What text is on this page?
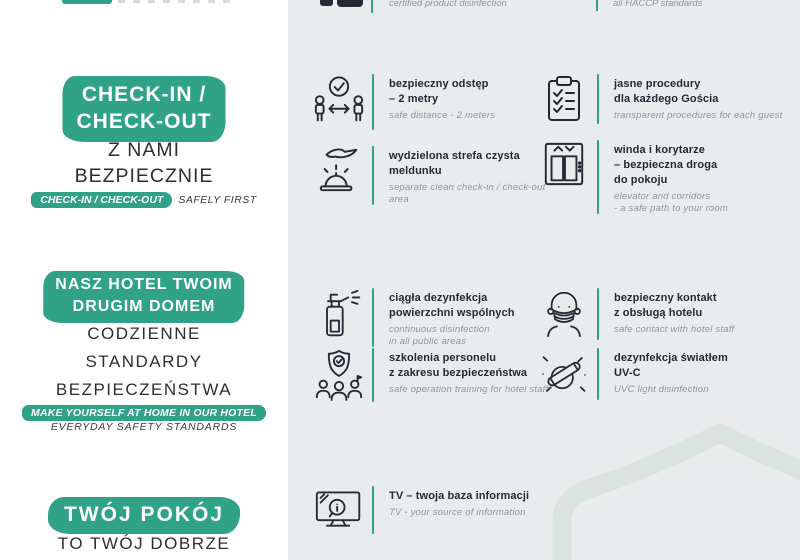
CHECK-IN /
CHECK-OUT
Z NAMI
BEZPIECZNIE
CHECK-IN / CHECK-OUT	SAFELY FIRST
NASZ HOTEL TWOIM
DRUGIM DOMEM
CODZIENNE
STANDARDY
BEZPIECZEŃSTWA
MAKE YOURSELF AT HOME IN OUR HOTEL
EVERYDAY SAFETY STANDARDS
TWÓJ POKÓJ
TO TWÓJ DOBRZE
certified product disinfection	all HACCP standards
bezpieczny odstęp
– 2 metry
safe distance - 2 meters
jasne procedury
dla każdego Gościa
transparent procedures for each guest
wydzielona strefa czysta
meldunku
separate clean check-in / check-out
area
winda i korytarze
– bezpieczna droga
do pokoju
elevator and corridors
- a safe path to your room
ciągła dezynfekcja
powierzchni wspólnych
continuous disinfection
in all public areas
bezpieczny kontakt
z obsługą hotelu
safe contact with hotel staff
szkolenia personelu
z zakresu bezpieczeństwa
safe operation training for hotel staff
dezynfekcja światłem
UV-C
UVC light disinfection
TV – twoja baza informacji
TV - your source of information
